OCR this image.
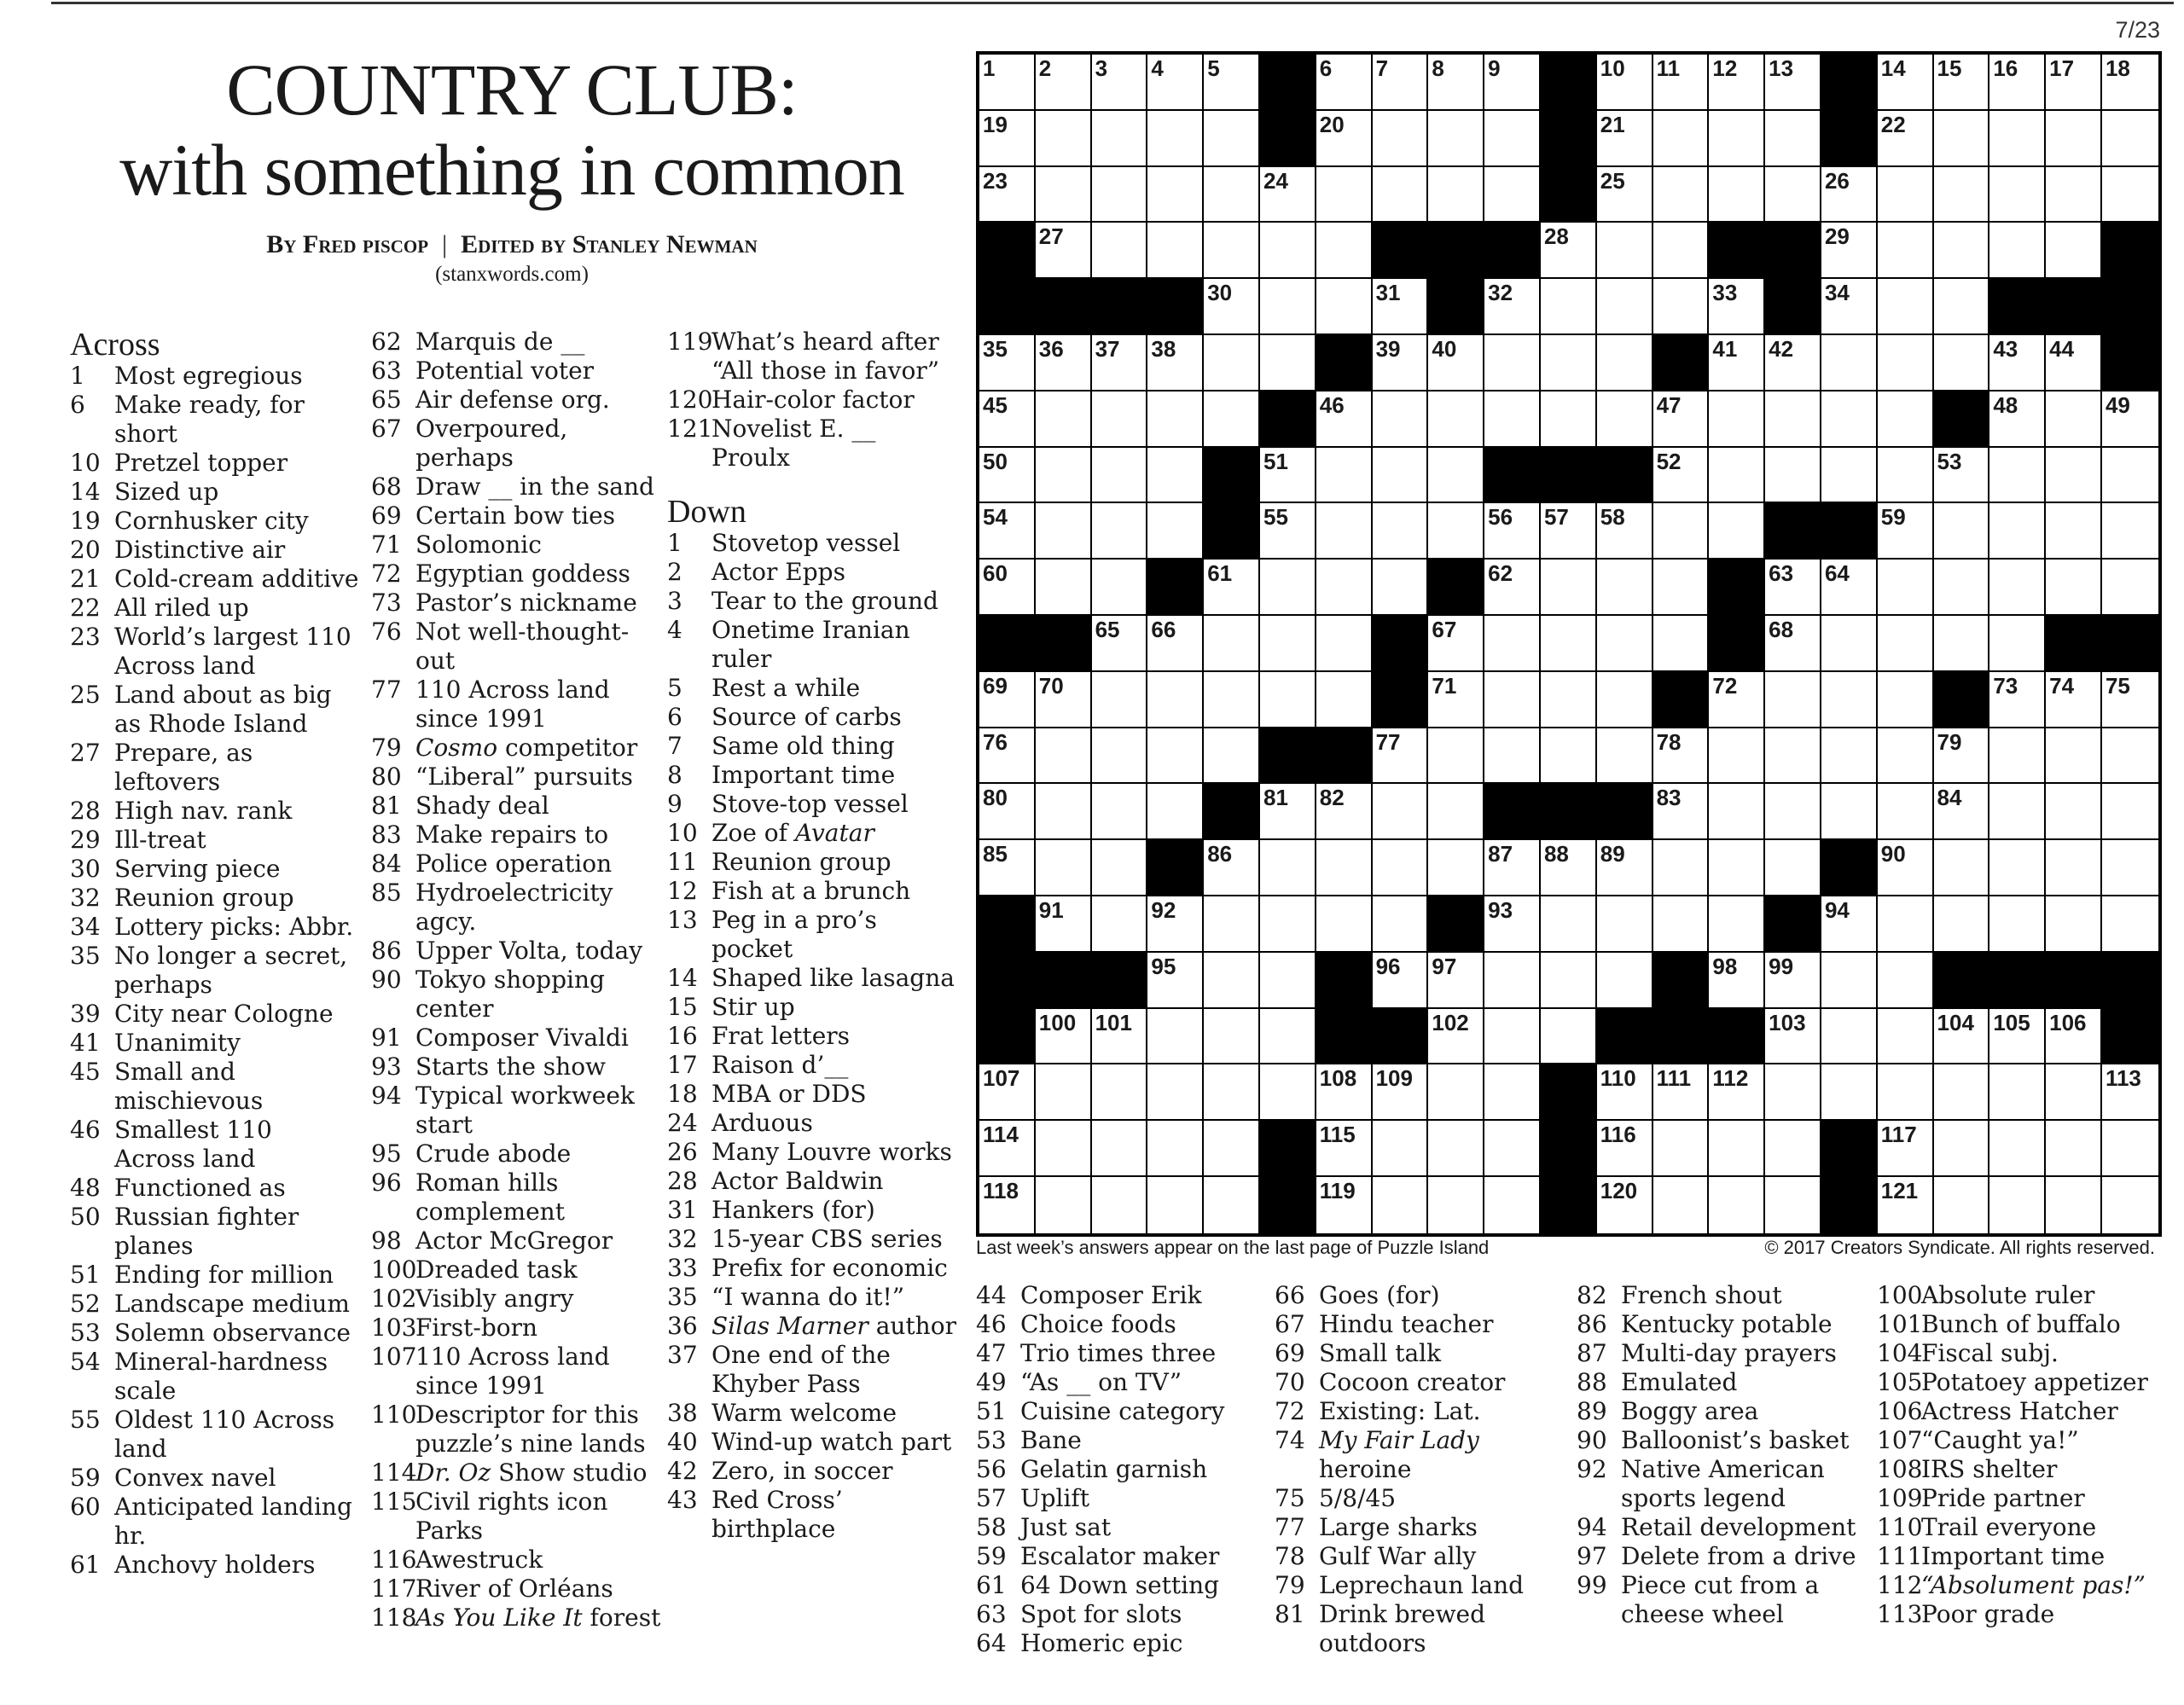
7/23
COUNTRY CLUB:
with something in common
By Fred piscop | Edited by Stanley Newman
(stanxwords.com)
Across
1	Most egregious
6	Make ready, for short
10 Pretzel topper
14 Sized up
19 Cornhusker city
20 Distinctive air
21 Cold-cream additive
22 All riled up
23 World’s largest 110 Across land
25 Land about as big as Rhode Island
27 Prepare, as leftovers
28 High nav. rank
29 Ill-treat
30 Serving piece
32 Reunion group
34 Lottery picks: Abbr.
35 No longer a secret, perhaps
39 City near Cologne
41 Unanimity
45 Small and mischievous
46 Smallest 110 Across land
48 Functioned as
50 Russian fighter planes
51 Ending for million
52 Landscape medium
53 Solemn observance
54 Mineral-hardness scale
55 Oldest 110 Across land
59 Convex navel
60 Anticipated landing hr.
61 Anchovy holders
62 Marquis de __
63 Potential voter
65 Air defense org.
67 Overpoured, perhaps
68 Draw __ in the sand
69 Certain bow ties
71 Solomonic
72 Egyptian goddess
73 Pastor’s nickname
76 Not well-thought-out
77 110 Across land since 1991
79 Cosmo competitor
80 “Liberal” pursuits
81 Shady deal
83 Make repairs to
84 Police operation
85 Hydroelectricity agcy.
86 Upper Volta, today
90 Tokyo shopping center
91 Composer Vivaldi
93 Starts the show
94 Typical workweek start
95 Crude abode
96 Roman hills complement
98 Actor McGregor
100
Dreaded task
102
Visibly angry
103
First-born
107
110 Across land since 1991
110
Descriptor for this puzzle’s nine lands
114
Dr. Oz Show studio
115
Civil rights icon Parks
116
Awestruck
117
River of Orléans
118
As You Like It forest
119
What’s heard after “All those in favor”
120
Hair-color factor
121
Novelist E. __ Proulx
Down
1	Stovetop vessel
2	Actor Epps
3	Tear to the ground
4	Onetime Iranian ruler
5	Rest a while
6	Source of carbs
7	Same old thing
8	Important time
9	Stove-top vessel
10 Zoe of Avatar
11 Reunion group
12 Fish at a brunch
13 Peg in a pro’s pocket
14 Shaped like lasagna
15 Stir up
16 Frat letters
17 Raison d’__
18 MBA or DDS
24 Arduous
26 Many Louvre works
28 Actor Baldwin
31 Hankers (for)
32 15-year CBS series
33 Prefix for economic
35 “I wanna do it!”
36 Silas Marner author
37 One end of the Khyber Pass
38 Warm welcome
40 Wind-up watch part
42 Zero, in soccer
43 Red Cross’ birthplace
44 Composer Erik
46 Choice foods
47 Trio times three
49 “As __ on TV”
51 Cuisine category
53 Bane
56 Gelatin garnish
57 Uplift
58 Just sat
59 Escalator maker
61 64 Down setting
63 Spot for slots
64 Homeric epic
66 Goes (for)
67 Hindu teacher
69 Small talk
70 Cocoon creator
72 Existing: Lat.
74 My Fair Lady heroine
75 5/8/45
77 Large sharks
78 Gulf War ally
79 Leprechaun land
81 Drink brewed outdoors
82 French shout
86 Kentucky potable
87 Multi-day prayers
88 Emulated
89 Boggy area
90 Balloonist’s basket
92 Native American sports legend
94 Retail development
97 Delete from a drive
99 Piece cut from a cheese wheel
100
Absolute ruler
101
Bunch of buffalo
104
Fiscal subj.
105
Potatoey appetizer
106
Actress Hatcher
107
“Caught ya!”
108
IRS shelter
109
Pride partner
110
Trail everyone
111
Important time
112
“Absolument pas!”
113
Poor grade
1 2 3 4 5	6 7 8 9	10 11 12 13	14 15 16 17 18
19	20	21	22
23	24	25	26
27	28	29
30	31	32	33	34
35 36 37 38	39 40	41 42	43 44
45	46	47	48	49
50	51	52	53
54	55	56 57 58	59
60	61	62	63 64
65 66	67	68
69 70	71	72	73 74 75
76	77	78	79
80	81 82	83	84
85	86	87 88 89	90
91	92	93	94
95	96 97	98 99
100 101	102	103	104 105 106
107	108 109	110 111 112	113
114	115	116	117
118	119	120	121
Last week’s answers appear on the last page of Puzzle Island	© 2017 Creators Syndicate. All rights reserved.
